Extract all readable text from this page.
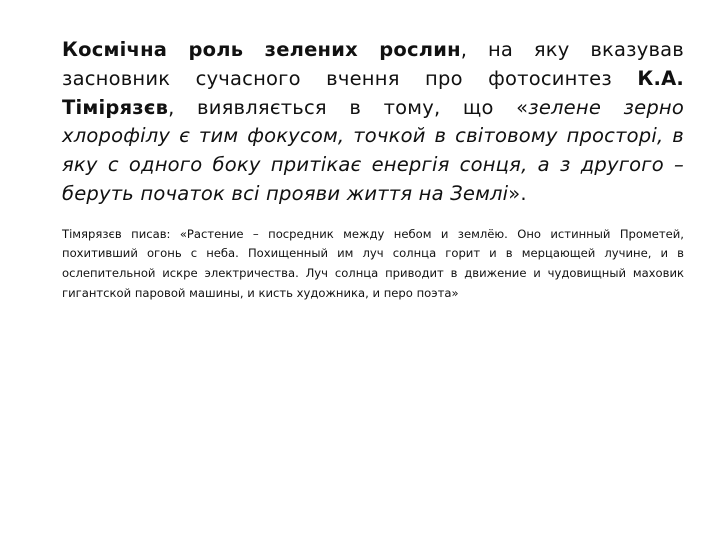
Космічна роль зелених рослин, на яку вказував засновник сучасного вчення про фотосинтез К.А. Тімірязєв, виявляється в тому, що «зелене зерно хлорофілу є тим фокусом, точкой в світовому просторі, в яку с одного боку притікає енергія сонця, а з другого – беруть початок всі прояви життя на Землі».

Тімярязєв писав: «Растение – посредник между небом и землёю. Оно истинный Прометей, похитивший огонь с неба. Похищенный им луч солнца горит и в мерцающей лучине, и в ослепительной искре электричества. Луч солнца приводит в движение и чудовищный маховик гигантской паровой машины, и кисть художника, и перо поэта»
